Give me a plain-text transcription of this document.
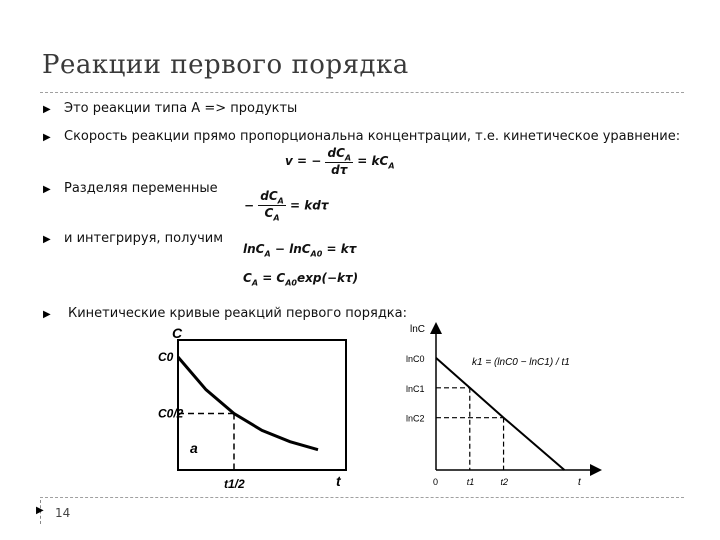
Реакции первого порядка
▶ Это реакции типа А => продукты
▶ Скорость реакции прямо пропорциональна концентрации, т.е. кинетическое уравнение:
v = − $\frac{dC_A}{d\tau} = kC_A$
▶ Разделяя переменные
− $\frac{dC_A}{C_A} = kd\tau$
▶ и интегрируя, получим
lnC$_A$ − lnC$_{A0}$ = kτ
$C_A = C_{A0}\exp(-k\tau)$
▶ Кинетические кривые реакций первого порядка:
C0
C0/2
C
t
t1/2
a
lnC0
lnC1
lnC2
0	t1	t2
lnC
t
k1 = (lnC0 − lnC1) / t1
▶ 14
